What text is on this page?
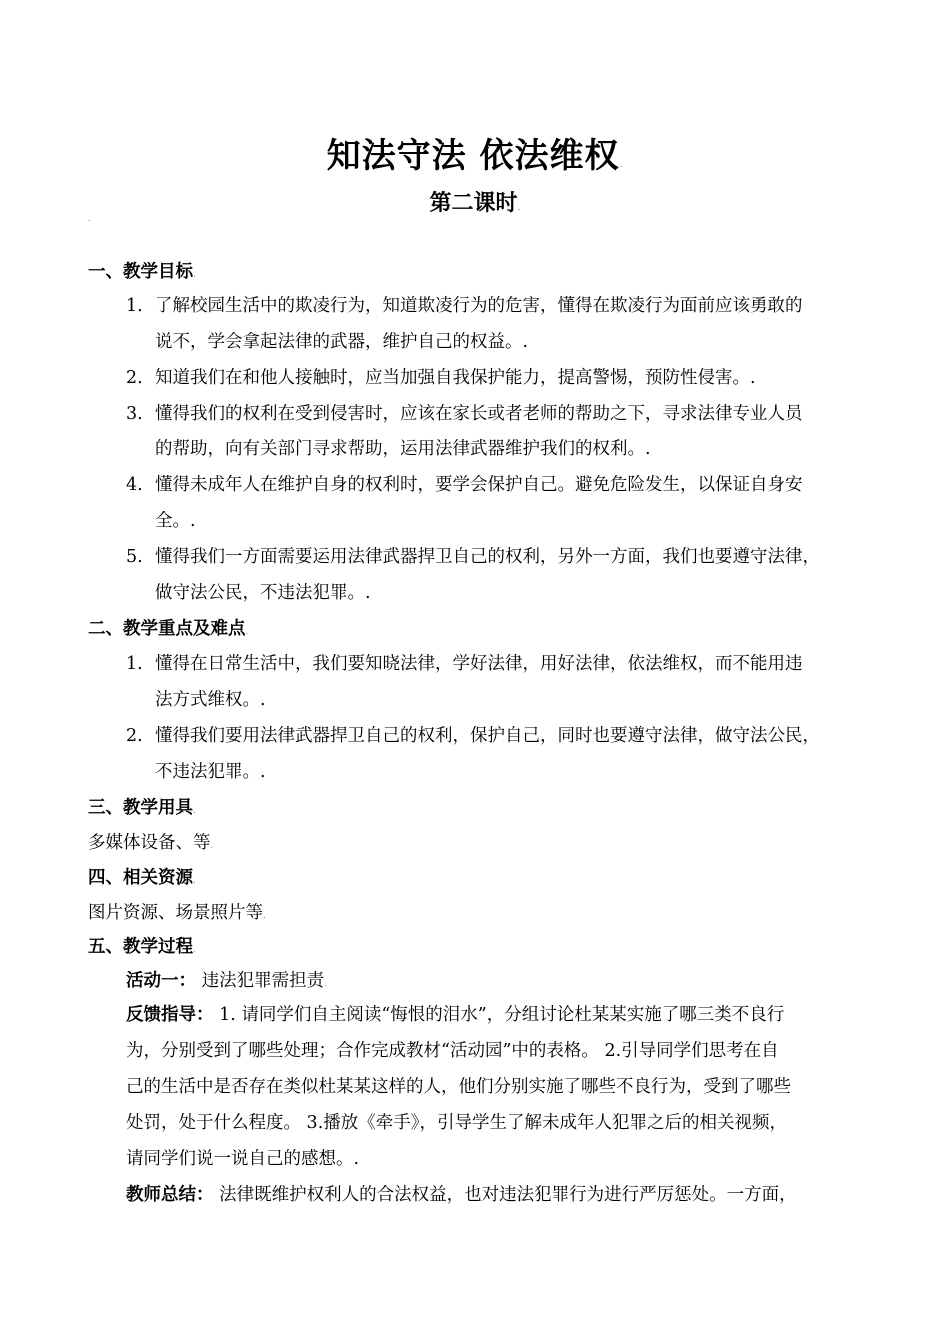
知法守法 依法维权.
第二课时.
.
一、教学目标.
1. 了解校园生活中的欺凌行为，知道欺凌行为的危害，懂得在欺凌行为面前应该勇敢的
说不，学会拿起法律的武器，维护自己的权益。.
2. 知道我们在和他人接触时，应当加强自我保护能力，提高警惕，预防性侵害。.
3. 懂得我们的权利在受到侵害时，应该在家长或者老师的帮助之下，寻求法律专业人员
的帮助，向有关部门寻求帮助，运用法律武器维护我们的权利。.
4. 懂得未成年人在维护自身的权利时，要学会保护自己。避免危险发生，以保证自身安
全。.
5. 懂得我们一方面需要运用法律武器捍卫自己的权利，另外一方面，我们也要遵守法律，
做守法公民，不违法犯罪。.
二、教学重点及难点.
1. 懂得在日常生活中，我们要知晓法律，学好法律，用好法律，依法维权，而不能用违
法方式维权。.
2. 懂得我们要用法律武器捍卫自己的权利，保护自己，同时也要遵守法律，做守法公民，
不违法犯罪。.
三、教学用具.
多媒体设备、等.
四、相关资源.
图片资源、场景照片等.
五、教学过程.
活动一： 违法犯罪需担责.
反馈指导： 1. 请同学们自主阅读“悔恨的泪水”，分组讨论杜某某实施了哪三类不良行
为，分别受到了哪些处理；合作完成教材“活动园”中的表格。 2.引导同学们思考在自
己的生活中是否存在类似杜某某这样的人，他们分别实施了哪些不良行为，受到了哪些
处罚，处于什么程度。 3.播放《牵手》，引导学生了解未成年人犯罪之后的相关视频，
请同学们说一说自己的感想。.
教师总结： 法律既维护权利人的合法权益，也对违法犯罪行为进行严厉惩处。一方面，
